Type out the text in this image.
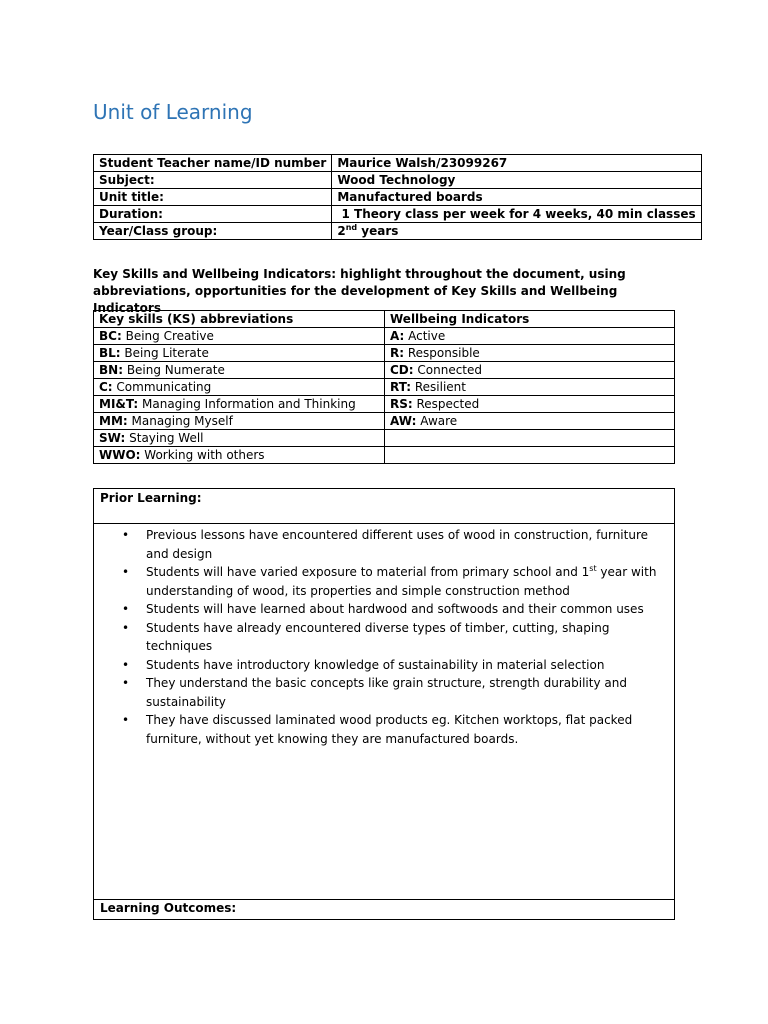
Unit of Learning
Student Teacher name/ID number	Maurice Walsh/23099267
Subject:	Wood Technology
Unit title:	Manufactured boards
Duration:	1 Theory class per week for 4 weeks, 40 min classes
Year/Class group:	2nd years
Key Skills and Wellbeing Indicators: highlight throughout the document, using abbreviations, opportunities for the development of Key Skills and Wellbeing Indicators
Key skills (KS) abbreviations	Wellbeing Indicators
BC: Being Creative	A: Active
BL: Being Literate	R: Responsible
BN: Being Numerate	CD: Connected
C: Communicating	RT: Resilient
MI&T: Managing Information and Thinking	RS: Respected
MM: Managing Myself	AW: Aware
SW: Staying Well	
WWO: Working with others	
Prior Learning:
• Previous lessons have encountered different uses of wood in construction, furniture and design
• Students will have varied exposure to material from primary school and 1st year with understanding of wood, its properties and simple construction method
• Students will have learned about hardwood and softwoods and their common uses
• Students have already encountered diverse types of timber, cutting, shaping techniques
• Students have introductory knowledge of sustainability in material selection
• They understand the basic concepts like grain structure, strength durability and sustainability
• They have discussed laminated wood products eg. Kitchen worktops, flat packed furniture, without yet knowing they are manufactured boards.
Learning Outcomes:
